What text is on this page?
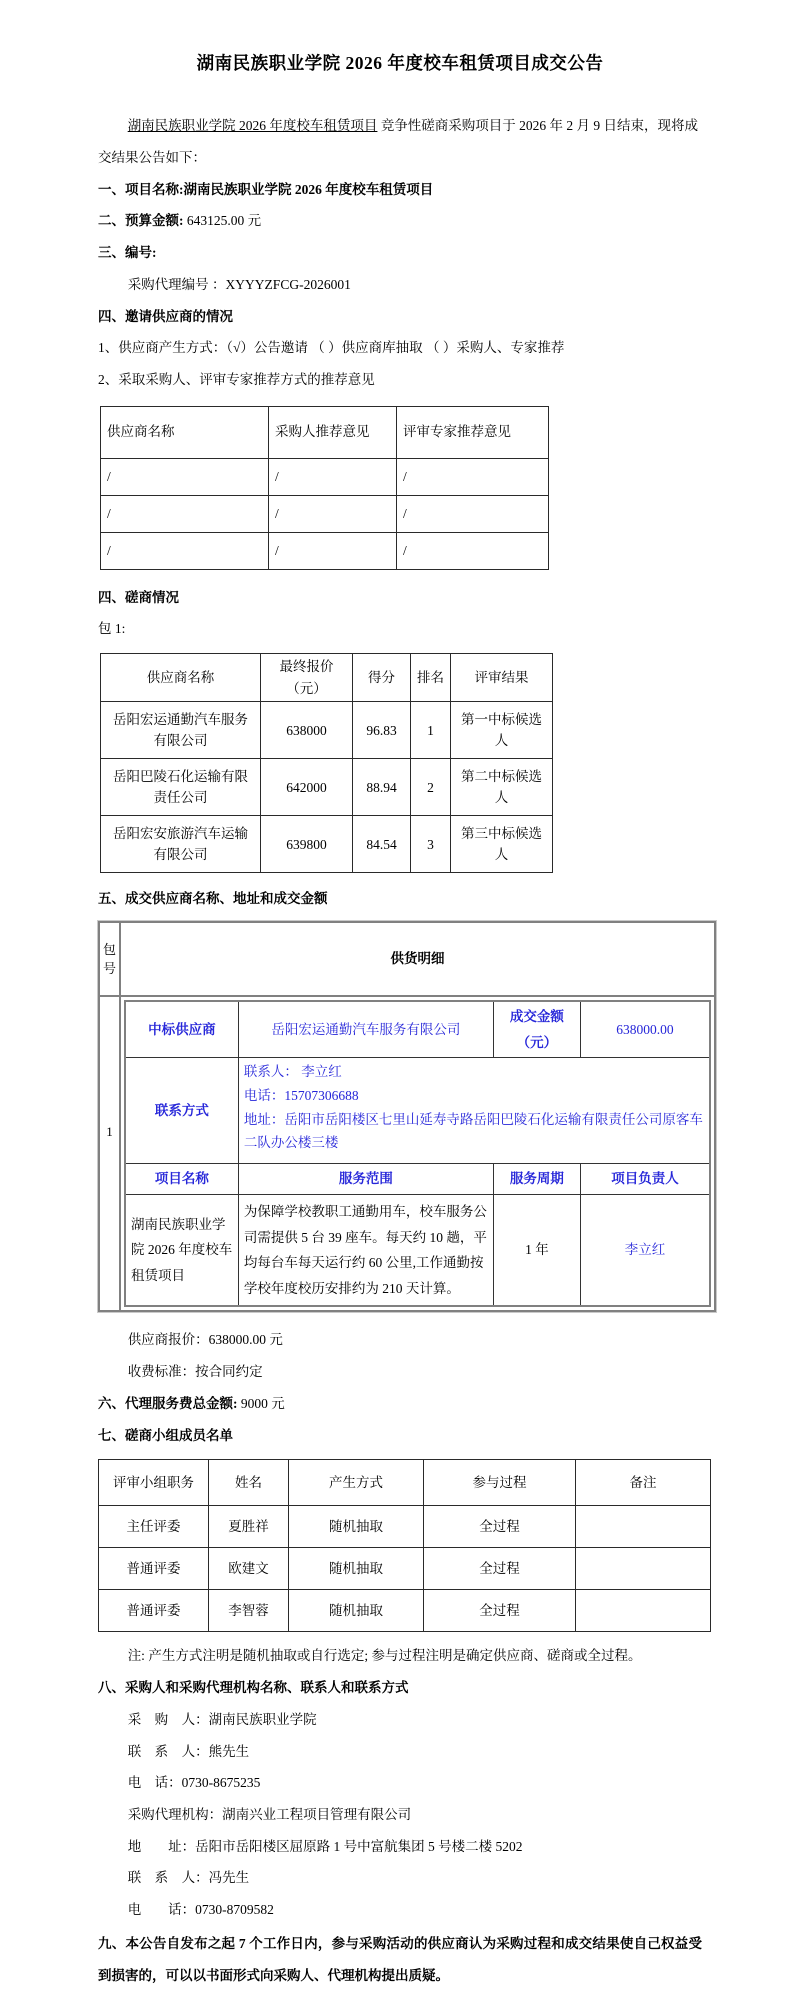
湖南民族职业学院 2026 年度校车租赁项目成交公告

湖南民族职业学院 2026 年度校车租赁项目 竞争性磋商采购项目于 2026 年 2 月 9 日结束，现将成交结果公告如下：

一、项目名称:湖南民族职业学院 2026 年度校车租赁项目

二、预算金额: 643125.00 元

三、编号:

采购代理编号 ：XYYYZFCG-2026001

四、邀请供应商的情况

1、供应商产生方式：（√）公告邀请 （ ）供应商库抽取 （ ）采购人、专家推荐

2、采取采购人、评审专家推荐方式的推荐意见

供应商名称	采购人推荐意见	评审专家推荐意见
/	/	/
/	/	/
/	/	/

四、磋商情况

包 1:

供应商名称	最终报价（元）	得分	排名	评审结果
岳阳宏运通勤汽车服务有限公司	638000	96.83	1	第一中标候选人
岳阳巴陵石化运输有限责任公司	642000	88.94	2	第二中标候选人
岳阳宏安旅游汽车运输有限公司	639800	84.54	3	第三中标候选人

五、成交供应商名称、地址和成交金额

包号
1
供货明细
中标供应商	岳阳宏运通勤汽车服务有限公司	成交金额（元）	638000.00
联系方式	联系人： 李立红
电话：15707306688
地址：岳阳市岳阳楼区七里山延寿寺路岳阳巴陵石化运输有限责任公司原客车二队办公楼三楼		

项目名称	服务范围	服务周期	项目负责人
湖南民族职业学院 2026 年度校车租赁项目	为保障学校教职工通勤用车，校车服务公司需提供 5 台 39 座车。每天约 10 趟，平均每台车每天运行约 60 公里,工作通勤按学校年度校历安排约为 210 天计算。	1 年	李立红

供应商报价：638000.00 元

收费标准：按合同约定

六、代理服务费总金额: 9000 元

七、磋商小组成员名单

评审小组职务	姓名	产生方式	参与过程	备注
主任评委	夏胜祥	随机抽取	全过程	
普通评委	欧建文	随机抽取	全过程	
普通评委	李智蓉	随机抽取	全过程	

注: 产生方式注明是随机抽取或自行选定; 参与过程注明是确定供应商、磋商或全过程。

八、采购人和采购代理机构名称、联系人和联系方式

采　购　人：湖南民族职业学院

联　系　人：熊先生

电　话：0730-8675235

采购代理机构：湖南兴业工程项目管理有限公司

地　　址：岳阳市岳阳楼区屈原路 1 号中富航集团 5 号楼二楼 5202

联　系　人：冯先生

电　　话：0730-8709582

九、本公告自发布之起 7 个工作日内，参与采购活动的供应商认为采购过程和成交结果使自己权益受到损害的，可以以书面形式向采购人、代理机构提出质疑。
